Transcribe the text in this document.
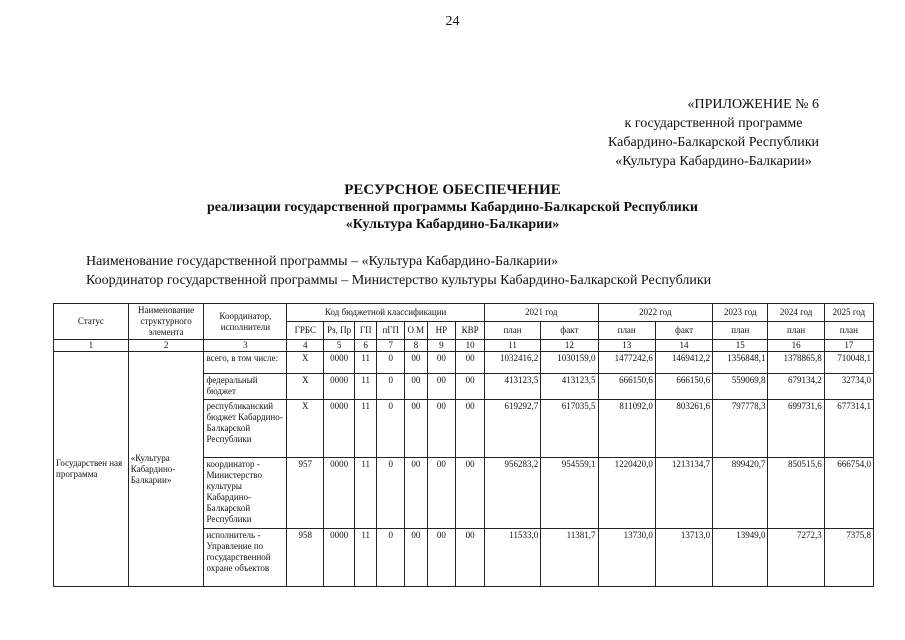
24
«ПРИЛОЖЕНИЕ № 6
к государственной программе
Кабардино-Балкарской Республики
«Культура Кабардино-Балкарии»
РЕСУРСНОЕ ОБЕСПЕЧЕНИЕ
реализации государственной программы Кабардино-Балкарской Республики
«Культура Кабардино-Балкарии»
Наименование государственной программы – «Культура Кабардино-Балкарии»
Координатор государственной программы – Министерство культуры Кабардино-Балкарской Республики
Статус	Наименование структурного элемента	Координатор, исполнители	Код бюджетной классификации							2021 год		2022 год		2023 год	2024 год	2025 год
			ГРБС	Рз, Пр	ГП	пГП	О М	НР	КВР	план	факт	план	факт	план	план	план
1	2	3	4	5	6	7	8	9	10	11	12	13	14	15	16	17
Государствен ная программа	«Культура Кабардино-Балкарии»	всего, в том числе:	Х	0000	11	0	00	00	00	1032416,2	1030159,0	1477242,6	1469412,2	1356848,1	1378865,8	710048,1
		федеральный бюджет	Х	0000	11	0	00	00	00	413123,5	413123,5	666150,6	666150,6	559069,8	679134,2	32734,0
		республиканский бюджет Кабардино-Балкарской Республики	Х	0000	11	0	00	00	00	619292,7	617035,5	811092,0	803261,6	797778,3	699731,6	677314,1
		координатор - Министерство культуры Кабардино-Балкарской Республики	957	0000	11	0	00	00	00	956283,2	954559,1	1220420,0	1213134,7	899420,7	850515,6	666754,0
		исполнитель - Управление по государственной охране объектов	958	0000	11	0	00	00	00	11533,0	11381,7	13730,0	13713,0	13949,0	7272,3	7375,8
